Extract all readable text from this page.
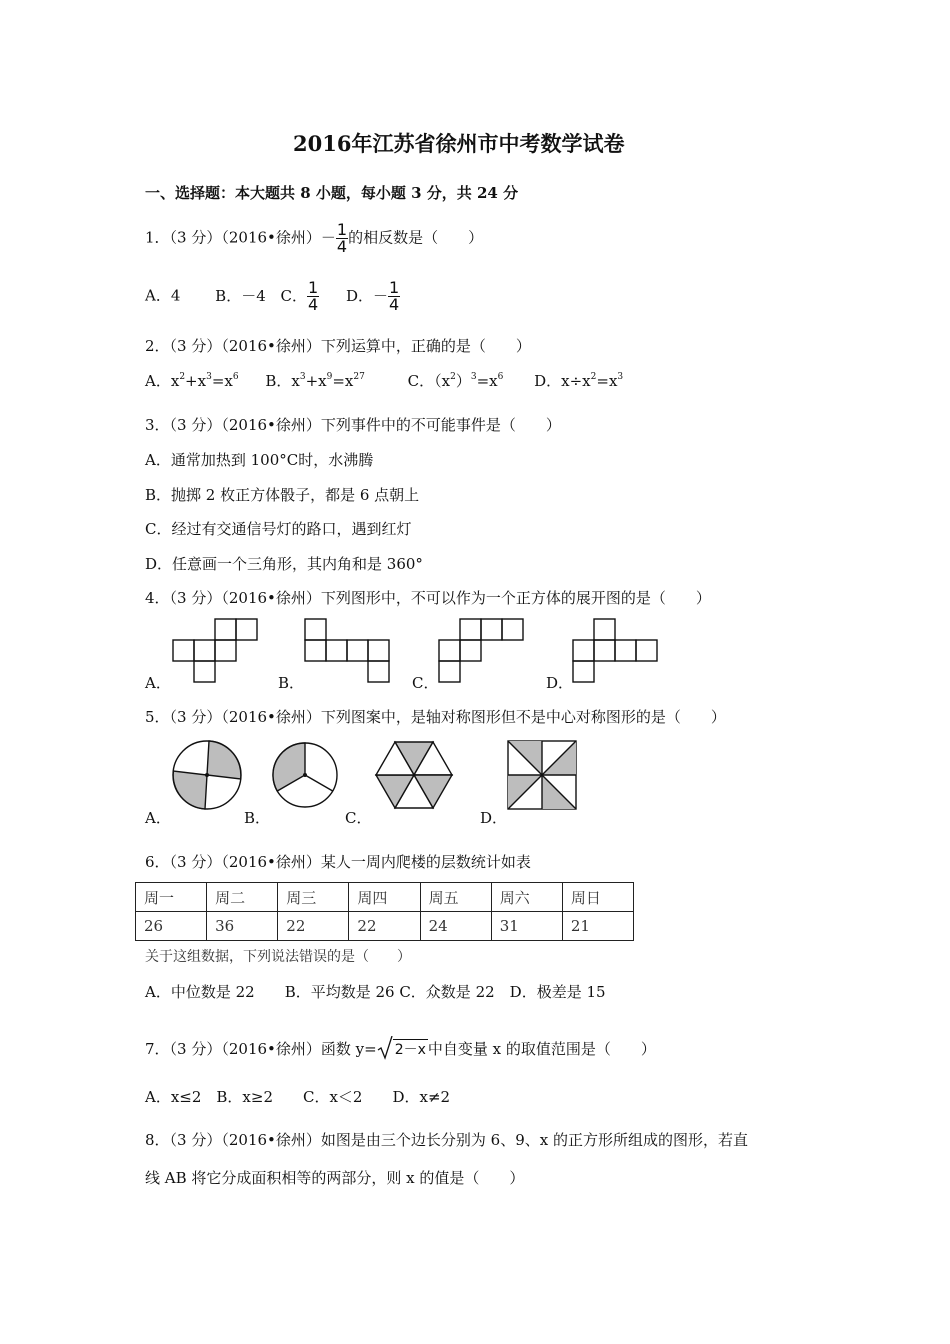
2016年江苏省徐州市中考数学试卷
一、选择题：本大题共 8 小题，每小题 3 分，共 24 分
1．（3 分）（2016•徐州）－ $\frac{1}{4}$ 的相反数是（　　）
A．4 B．－4 C． $\frac{1}{4}$ D．－ $\frac{1}{4}$
2．（3 分）（2016•徐州）下列运算中，正确的是（　　）
A．$x^2+x^3=x^6$ B．$x^3+x^9=x^{27}$	C．$(x^2)^3=x^6$ D．$x\div x^2=x^3$
3．（3 分）（2016•徐州）下列事件中的不可能事件是（　　）
A．通常加热到 100°C时，水沸腾
B．抛掷 2 枚正方体骰子，都是 6 点朝上
C．经过有交通信号灯的路口，遇到红灯
D．任意画一个三角形，其内角和是 360°
4．（3 分）（2016•徐州）下列图形中，不可以作为一个正方体的展开图的是（　　）
A．	B．	C．	D．
5．（3 分）（2016•徐州）下列图案中，是轴对称图形但不是中心对称图形的是（　　）
A．	B．	C．	D．
6．（3 分）（2016•徐州）某人一周内爬楼的层数统计如表
周一	周二	周三	周四	周五	周六	周日
26	36	22	22	24	31	21
关于这组数据，下列说法错误的是（　　）
A．中位数是 22　　B．平均数是 26 C．众数是 22　D．极差是 15
7．（3 分）（2016•徐州）函数 y= 2－x 中自变量 x 的取值范围是（　　）
A．x≤2　B．x≥2　　C．x＜2　　D．x≠2
8．（3 分）（2016•徐州）如图是由三个边长分别为 6、9、x 的正方形所组成的图形，若直
线 AB 将它分成面积相等的两部分，则 x 的值是（　　）
